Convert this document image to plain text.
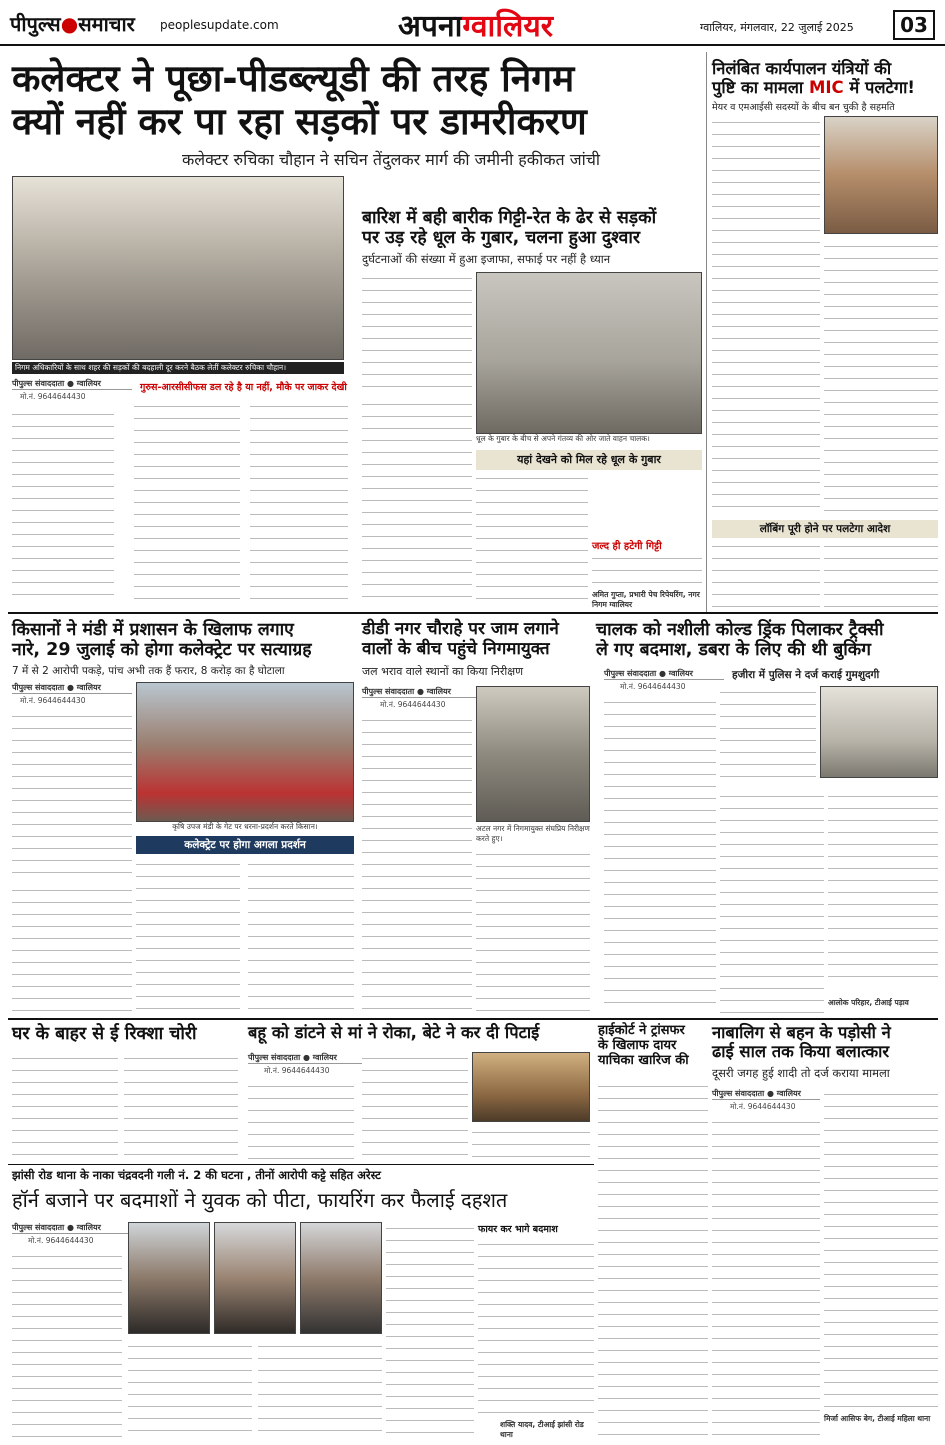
पीपुल्स●समाचार peoplesupdate.com	अपनाग्वालियर	ग्वालियर, मंगलवार, 22 जुलाई 2025	03
कलेक्टर ने पूछा-पीडब्ल्यूडी की तरह निगम
क्यों नहीं कर पा रहा सड़कों पर डामरीकरण
कलेक्टर रुचिका चौहान ने सचिन तेंदुलकर मार्ग की जमीनी हकीकत जांची
निगम अधिकारियों के साथ शहर की सड़कों की बदहाली दूर करने बैठक लेतीं कलेक्टर रुचिका चौहान।
पीपुल्स संवाददाता ● ग्वालियर
मो.नं. 9644644430
गुरुस-आरसीसीफस डल रहे है या नहीं, मौके पर जाकर देखी
बारिश में बही बारीक गिट्टी-रेत के ढेर से सड़कों
पर उड़ रहे धूल के गुबार, चलना हुआ दुश्वार
दुर्घटनाओं की संख्या में हुआ इजाफा, सफाई पर नहीं है ध्यान
धूल के गुबार के बीच से अपने गंतव्य की ओर जाते वाहन चालक।
यहां देखने को मिल रहे धूल के गुबार
जल्द ही हटेगी गिट्टी
अमित गुप्ता, प्रभारी पेच रिपेयरिंग, नगर निगम ग्वालियर
निलंबित कार्यपालन यंत्रियों की
पुष्टि का मामला MIC में पलटेगा!
मेयर व एमआईसी सदस्यों के बीच बन चुकी है सहमति
लॉबिंग पूरी होने पर पलटेगा आदेश
किसानों ने मंडी में प्रशासन के खिलाफ लगाए
नारे, 29 जुलाई को होगा कलेक्ट्रेट पर सत्याग्रह
7 में से 2 आरोपी पकड़े, पांच अभी तक हैं फरार, 8 करोड़ का है घोटाला
पीपुल्स संवाददाता ● ग्वालियर
मो.नं. 9644644430
कृषि उपज मंडी के गेट पर धरना-प्रदर्शन करते किसान।
कलेक्ट्रेट पर होगा अगला प्रदर्शन
डीडी नगर चौराहे पर जाम लगाने
वालों के बीच पहुंचे निगमायुक्त
जल भराव वाले स्थानों का किया निरीक्षण
पीपुल्स संवाददाता ● ग्वालियर
मो.नं. 9644644430
अटल नगर में निगमायुक्त संघप्रिय निरीक्षण करते हुए।
चालक को नशीली कोल्ड ड्रिंक पिलाकर ट्रैक्सी
ले गए बदमाश, डबरा के लिए की थी बुकिंग
पीपुल्स संवाददाता ● ग्वालियर
मो.नं. 9644644430
हजीरा में पुलिस ने दर्ज कराई गुमशुदगी
आलोक परिहार, टीआई पड़ाव
घर के बाहर से ई रिक्शा चोरी	बहू को डांटने से मां ने रोका, बेटे ने कर दी पिटाई
पीपुल्स संवाददाता ● ग्वालियर
मो.नं. 9644644430
झांसी रोड थाना के नाका चंद्रवदनी गली नं. 2 की घटना , तीनों आरोपी कट्टे सहित अरेस्ट
हॉर्न बजाने पर बदमाशों ने युवक को पीटा, फायरिंग कर फैलाई दहशत
पीपुल्स संवाददाता ● ग्वालियर
मो.नं. 9644644430
फायर कर भागे बदमाश
शक्ति यादव, टीआई झांसी रोड थाना
हाईकोर्ट ने ट्रांसफर
के खिलाफ दायर
याचिका खारिज की
नाबालिग से बहन के पड़ोसी ने
ढाई साल तक किया बलात्कार
दूसरी जगह हुई शादी तो दर्ज कराया मामला
पीपुल्स संवाददाता ● ग्वालियर
मो.नं. 9644644430
मिर्जा आसिफ बेग, टीआई महिला थाना
